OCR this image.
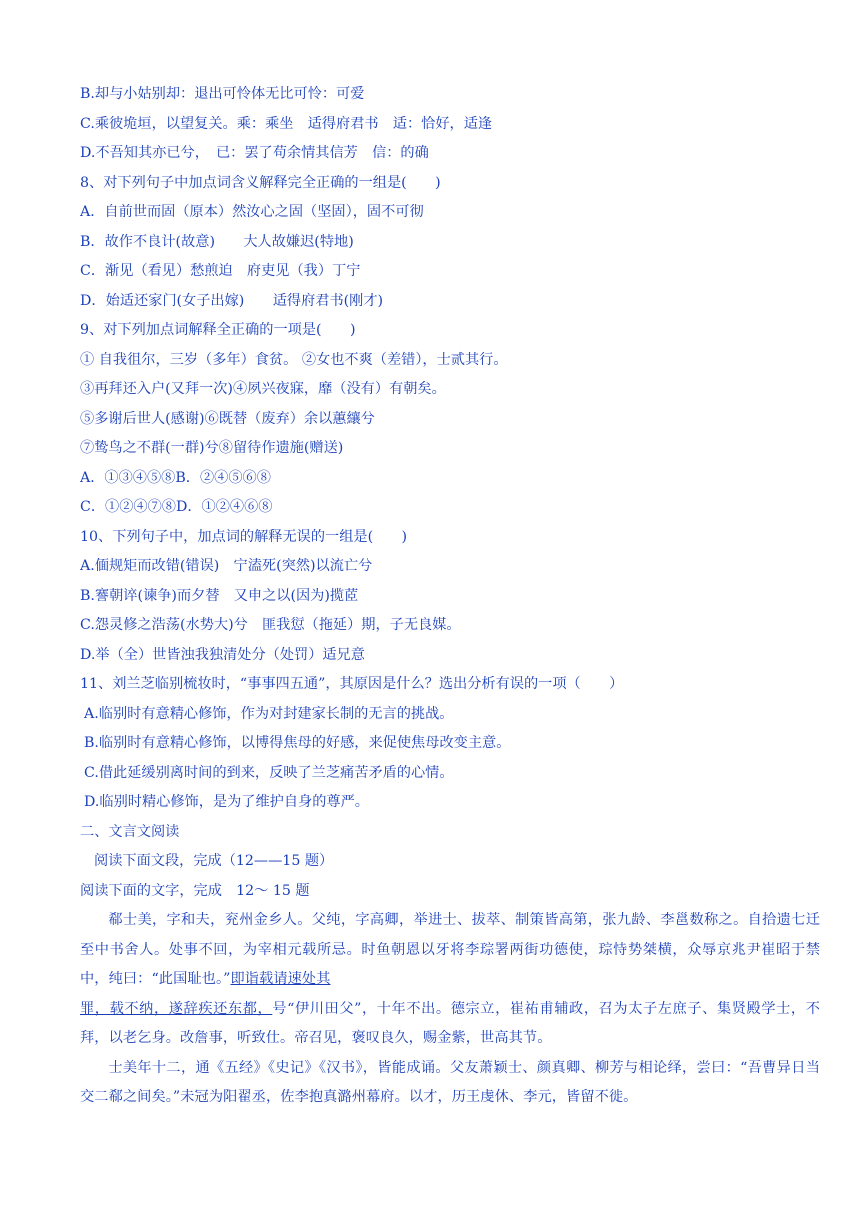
B.却与小姑别却：退出可怜体无比可怜：可爱
C.乘彼垝垣，以望复关。乘：乘坐　适得府君书　适：恰好，适逢
D.不吾知其亦已兮，　已：罢了苟余情其信芳　信：的确
8、对下列句子中加点词含义解释完全正确的一组是(　　)
A．自前世而固（原本）然汝心之固（坚固），固不可彻
B．故作不良计(故意)　　大人故嫌迟(特地)
C．渐见（看见）愁煎迫　府吏见（我）丁宁
D．始适还家门(女子出嫁)　　适得府君书(刚才)
9、对下列加点词解释全正确的一项是(　　)
① 自我徂尔，三岁（多年）食贫。 ②女也不爽（差错），士贰其行。
③再拜还入户(又拜一次)④夙兴夜寐，靡（没有）有朝矣。
⑤多谢后世人(感谢)⑥既替（废弃）余以蕙纕兮
⑦鸷鸟之不群(一群)兮⑧留待作遗施(赠送)
A．①③④⑤⑧B．②④⑤⑥⑧
C．①②④⑦⑧D．①②④⑥⑧
10、下列句子中，加点词的解释无误的一组是(　　)
A.偭规矩而改错(错误)　宁溘死(突然)以流亡兮
B.謇朝谇(谏争)而夕替　又申之以(因为)揽茝
C.怨灵修之浩荡(水势大)兮　匪我愆（拖延）期，子无良媒。
D.举（全）世皆浊我独清处分（处罚）适兄意
11、刘兰芝临别梳妆时，“事事四五通”，其原因是什么？选出分析有误的一项（　　）
A.临别时有意精心修饰，作为对封建家长制的无言的挑战。
B.临别时有意精心修饰，以博得焦母的好感，来促使焦母改变主意。
C.借此延缓别离时间的到来，反映了兰芝痛苦矛盾的心情。
D.临别时精心修饰，是为了维护自身的尊严。
二、文言文阅读
阅读下面文段，完成（12——15 题）
阅读下面的文字，完成　12～ 15 题
郗士美，字和夫，兖州金乡人。父纯，字高卿，举进士、拔萃、制策皆高第，张九龄、李邕数称之。自拾遗七迁至中书舍人。处事不回，为宰相元载所忌。时鱼朝恩以牙将李琮署两街功德使，琮恃势桀横，众辱京兆尹崔昭于禁中，纯曰：“此国耻也。”即诣载请速处其
罪，载不纳，遂辞疾还东都，号“伊川田父”，十年不出。德宗立，崔祐甫辅政，召为太子左庶子、集贤殿学士，不拜，以老乞身。改詹事，听致仕。帝召见，褒叹良久，赐金紫，世高其节。
士美年十二，通《五经》《史记》《汉书》，皆能成诵。父友萧颖士、颜真卿、柳芳与相论绎，尝曰：“吾曹异日当交二郗之间矣。”未冠为阳翟丞，佐李抱真潞州幕府。以才，历王虔休、李元，皆留不徙。
